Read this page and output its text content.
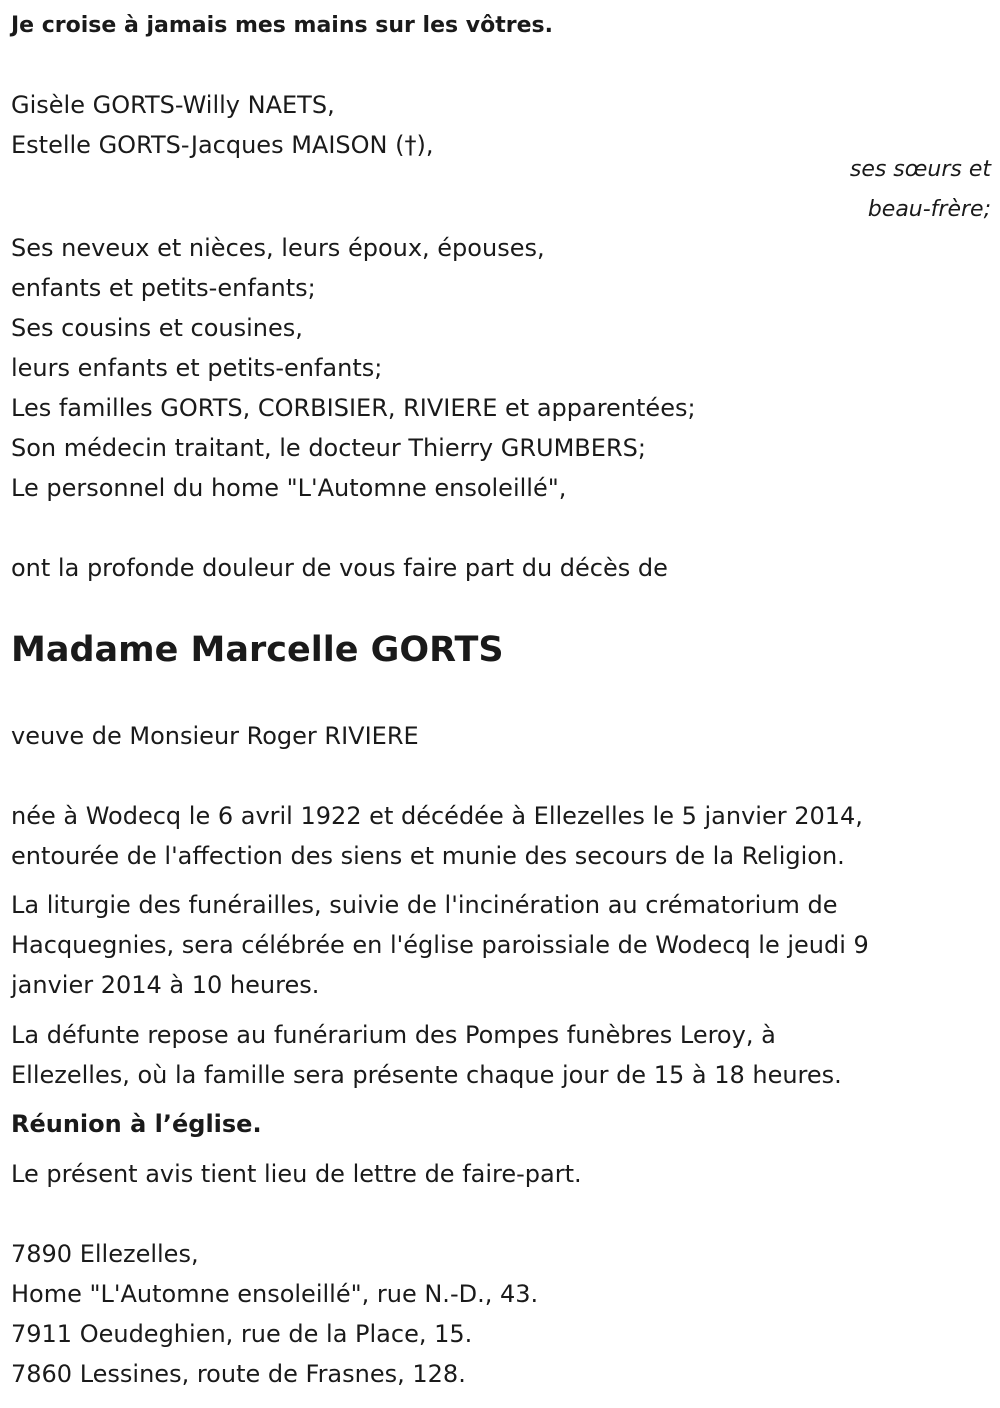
Je croise à jamais mes mains sur les vôtres.
Gisèle GORTS-Willy NAETS,
Estelle GORTS-Jacques MAISON (†),
ses sœurs et
beau-frère;
Ses neveux et nièces, leurs époux, épouses,
enfants et petits-enfants;
Ses cousins et cousines,
leurs enfants et petits-enfants;
Les familles GORTS, CORBISIER, RIVIERE et apparentées;
Son médecin traitant, le docteur Thierry GRUMBERS;
Le personnel du home "L'Automne ensoleillé",
ont la profonde douleur de vous faire part du décès de
Madame Marcelle GORTS
veuve de Monsieur Roger RIVIERE
née à Wodecq le 6 avril 1922 et décédée à Ellezelles le 5 janvier 2014,
entourée de l'affection des siens et munie des secours de la Religion.
La liturgie des funérailles, suivie de l'incinération au crématorium de
Hacquegnies, sera célébrée en l'église paroissiale de Wodecq le jeudi 9
janvier 2014 à 10 heures.
La défunte repose au funérarium des Pompes funèbres Leroy, à
Ellezelles, où la famille sera présente chaque jour de 15 à 18 heures.
Réunion à l’église.
Le présent avis tient lieu de lettre de faire-part.
7890 Ellezelles,
Home "L'Automne ensoleillé", rue N.-D., 43.
7911 Oeudeghien, rue de la Place, 15.
7860 Lessines, route de Frasnes, 128.
